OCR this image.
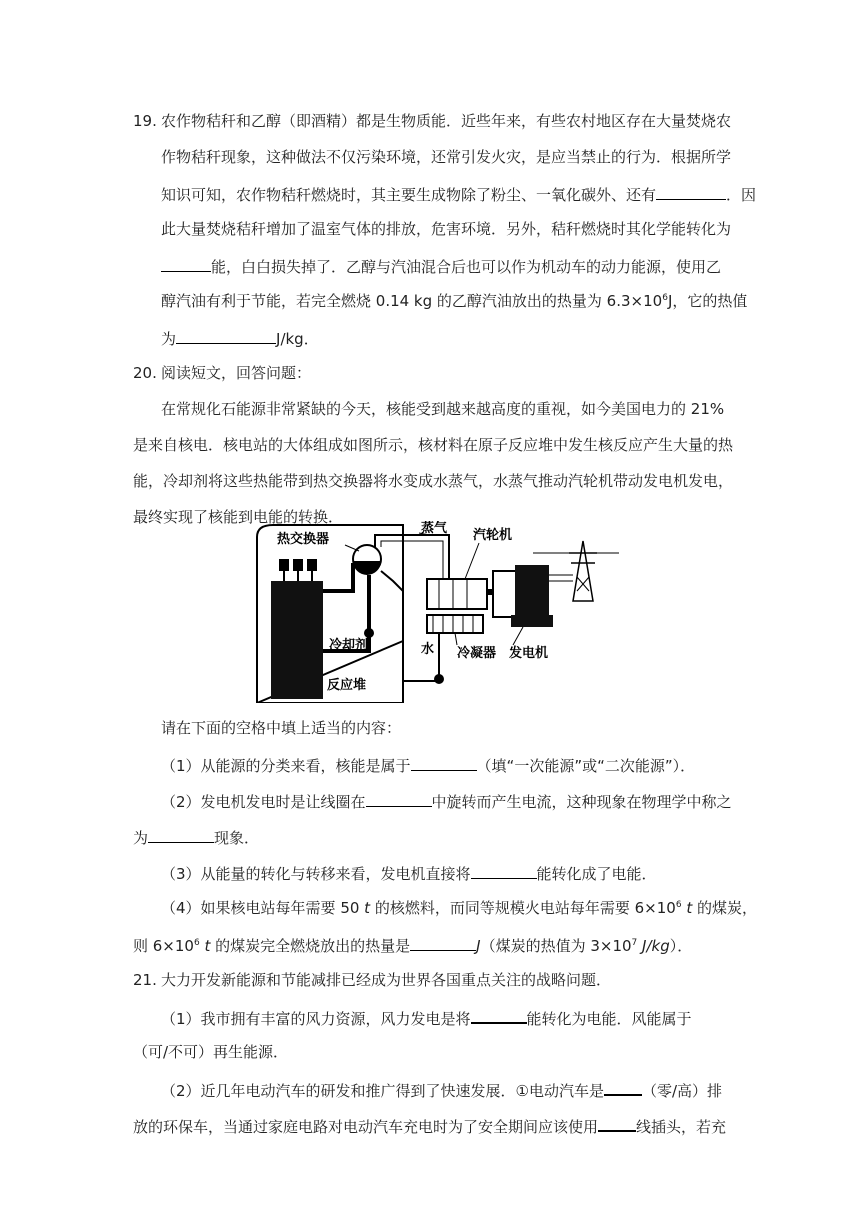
19. 农作物秸秆和乙醇（即酒精）都是生物质能．近些年来，有些农村地区存在大量焚烧农
作物秸秆现象，这种做法不仅污染环境，还常引发火灾，是应当禁止的行为．根据所学
知识可知，农作物秸秆燃烧时，其主要生成物除了粉尘、一氧化碳外、还有	．因
此大量焚烧秸秆增加了温室气体的排放，危害环境．另外，秸秆燃烧时其化学能转化为
能，白白损失掉了．乙醇与汽油混合后也可以作为机动车的动力能源，使用乙
醇汽油有利于节能，若完全燃烧 0.14 kg 的乙醇汽油放出的热量为 $6.3\times 10^6J$，它的热值
为	J/kg．
20. 阅读短文，回答问题：
在常规化石能源非常紧缺的今天，核能受到越来越高度的重视，如今美国电力的 21%
是来自核电．核电站的大体组成如图所示，核材料在原子反应堆中发生核反应产生大量的热
能，冷却剂将这些热能带到热交换器将水变成水蒸气，水蒸气推动汽轮机带动发电机发电，
最终实现了核能到电能的转换．
热交换器
蒸气 汽轮机
冷却剂	水 冷凝器 发电机
反应堆
请在下面的空格中填上适当的内容：
（1）从能源的分类来看，核能是属于	（填“一次能源”或“二次能源”）．
（2）发电机发电时是让线圈在	中旋转而产生电流，这种现象在物理学中称之
为	现象．
（3）从能量的转化与转移来看，发电机直接将	能转化成了电能．
（4）如果核电站每年需要 50 t 的核燃料，而同等规模火电站每年需要 $6\times 10^6$ t 的煤炭，
则 $6\times 10^6$ t 的煤炭完全燃烧放出的热量是	J（煤炭的热值为 $3\times 10^7$ J/kg）．
21. 大力开发新能源和节能减排已经成为世界各国重点关注的战略问题．
（1）我市拥有丰富的风力资源，风力发电是将	能转化为电能．风能属于
（可/不可）再生能源．
（2）近几年电动汽车的研发和推广得到了快速发展．①电动汽车是	（零/高）排
放的环保车，当通过家庭电路对电动汽车充电时为了安全期间应该使用	线插头，若充
